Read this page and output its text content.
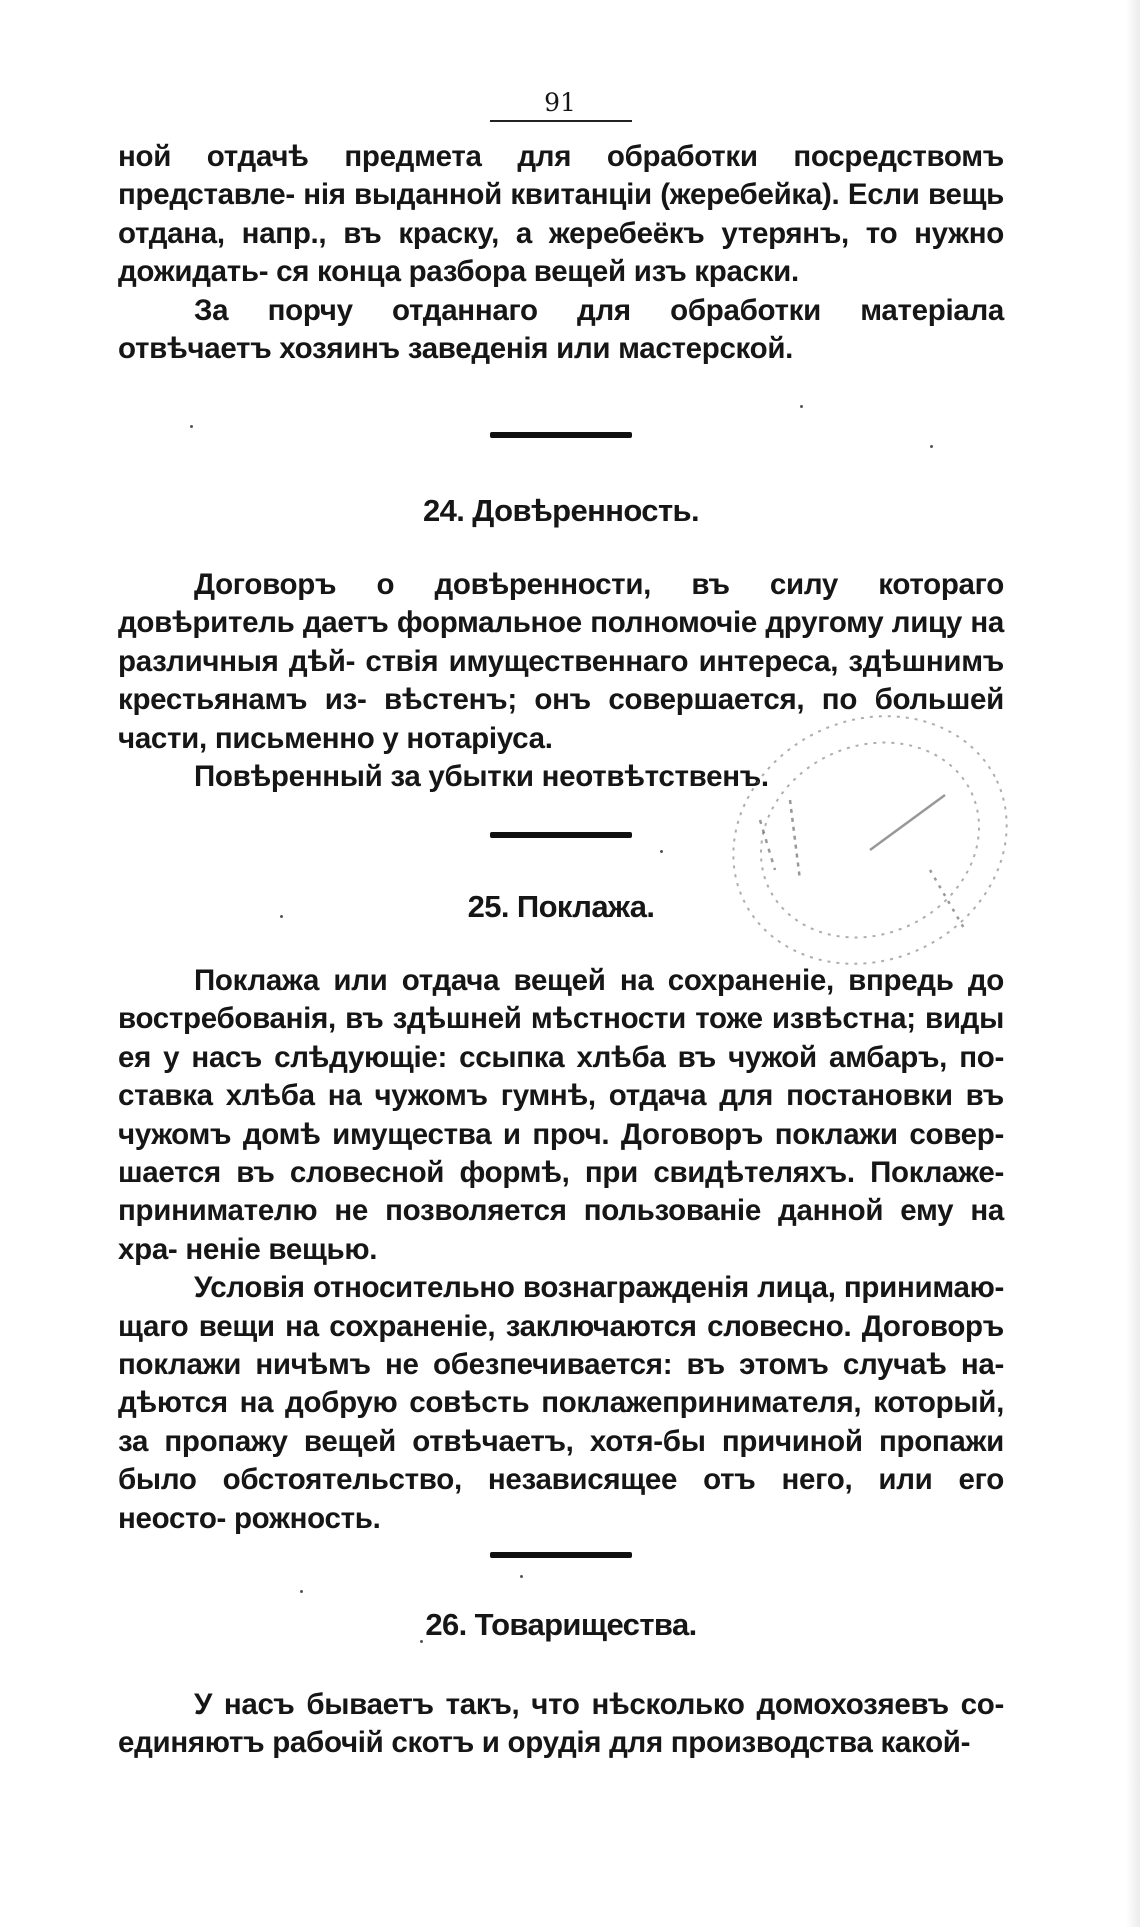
91

ной отдачѣ предмета для обработки посредствомъ представле- нія выданной квитанціи (жеребейка). Если вещь отдана, напр., въ краску, а жеребеёкъ утерянъ, то нужно дожидать- ся конца разбора вещей изъ краски.

За порчу отданнаго для обработки матеріала отвѣчаетъ хозяинъ заведенія или мастерской.

24. Довѣренность.

Договоръ о довѣренности, въ силу котораго довѣритель даетъ формальное полномочіе другому лицу на различныя дѣй- ствія имущественнаго интереса, здѣшнимъ крестьянамъ из- вѣстенъ; онъ совершается, по большей части, письменно у нотаріуса.

Повѣренный за убытки неотвѣтственъ.

25. Поклажа.

Поклажа или отдача вещей на сохраненіе, впредь до востребованія, въ здѣшней мѣстности тоже извѣстна; виды ея у насъ слѣдующіе: ссыпка хлѣба въ чужой амбаръ, по- ставка хлѣба на чужомъ гумнѣ, отдача для постановки въ чужомъ домѣ имущества и проч. Договоръ поклажи совер- шается въ словесной формѣ, при свидѣтеляхъ. Поклаже- принимателю не позволяется пользованіе данной ему на хра- неніе вещью.

Условія относительно вознагражденія лица, принимаю- щаго вещи на сохраненіе, заключаются словесно. Договоръ поклажи ничѣмъ не обезпечивается: въ этомъ случаѣ на- дѣются на добрую совѣсть поклажепринимателя, который, за пропажу вещей отвѣчаетъ, хотя-бы причиной пропажи было обстоятельство, независящее отъ него, или его неосто- рожность.

26. Товарищества.

У насъ бываетъ такъ, что нѣсколько домохозяевъ со- единяютъ рабочій скотъ и орудія для производства какой-
